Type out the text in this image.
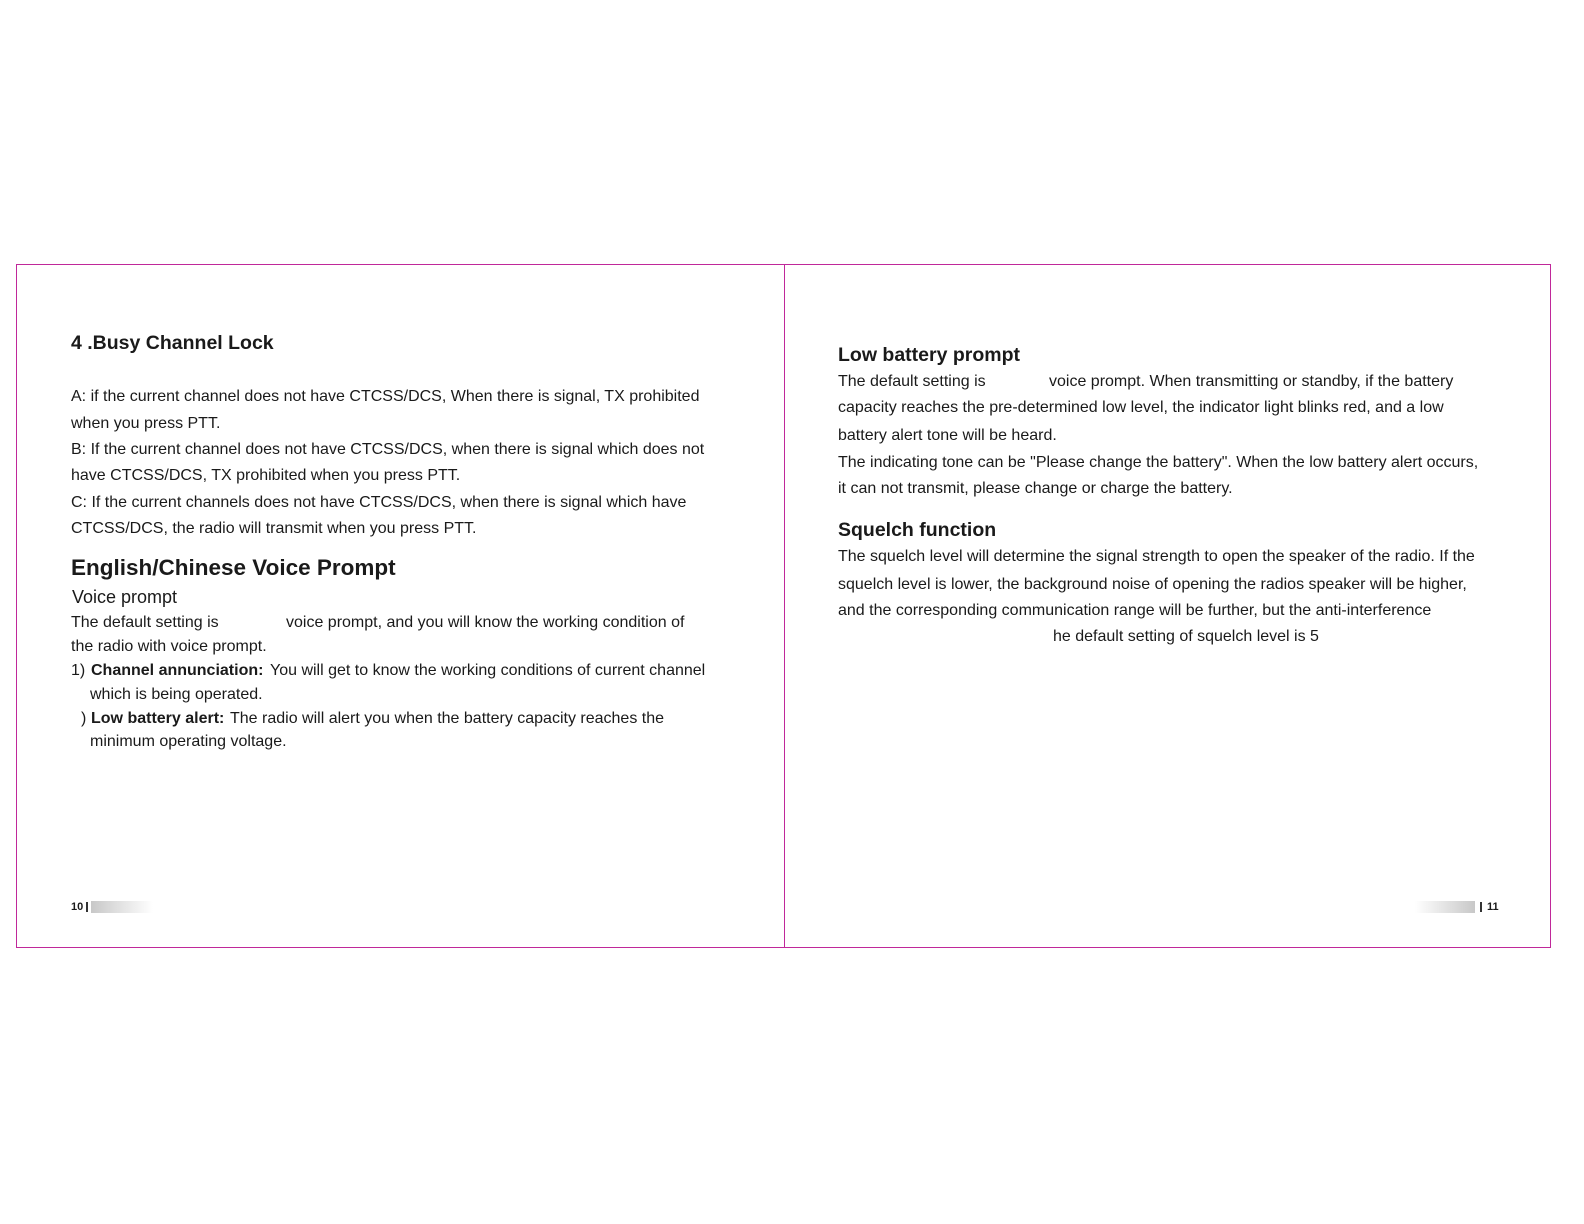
4 .Busy Channel Lock
A: if the current channel does not have CTCSS/DCS, When there is signal, TX prohibited
when you press PTT.
B: If the current channel does not have CTCSS/DCS, when there is signal which does not
have CTCSS/DCS, TX prohibited when you press PTT.
C: If the current channels does not have CTCSS/DCS, when there is signal which have
CTCSS/DCS, the radio will transmit when you press PTT.
English/Chinese Voice Prompt
Voice prompt
The default setting is	voice prompt, and you will know the working condition of
the radio with voice prompt.
1) Channel annunciation: You will get to know the working conditions of current channel
which is being operated.
) Low battery alert: The radio will alert you when the battery capacity reaches the
minimum operating voltage.
10
Low battery prompt
The default setting is	voice prompt. When transmitting or standby, if the battery
capacity reaches the pre-determined low level, the indicator light blinks red, and a low
battery alert tone will be heard.
The indicating tone can be "Please change the battery". When the low battery alert occurs,
it can not transmit, please change or charge the battery.
Squelch function
The squelch level will determine the signal strength to open the speaker of the radio. If the
squelch level is lower, the background noise of opening the radios speaker will be higher,
and the corresponding communication range will be further, but the anti-interference
he default setting of squelch level is 5
11
